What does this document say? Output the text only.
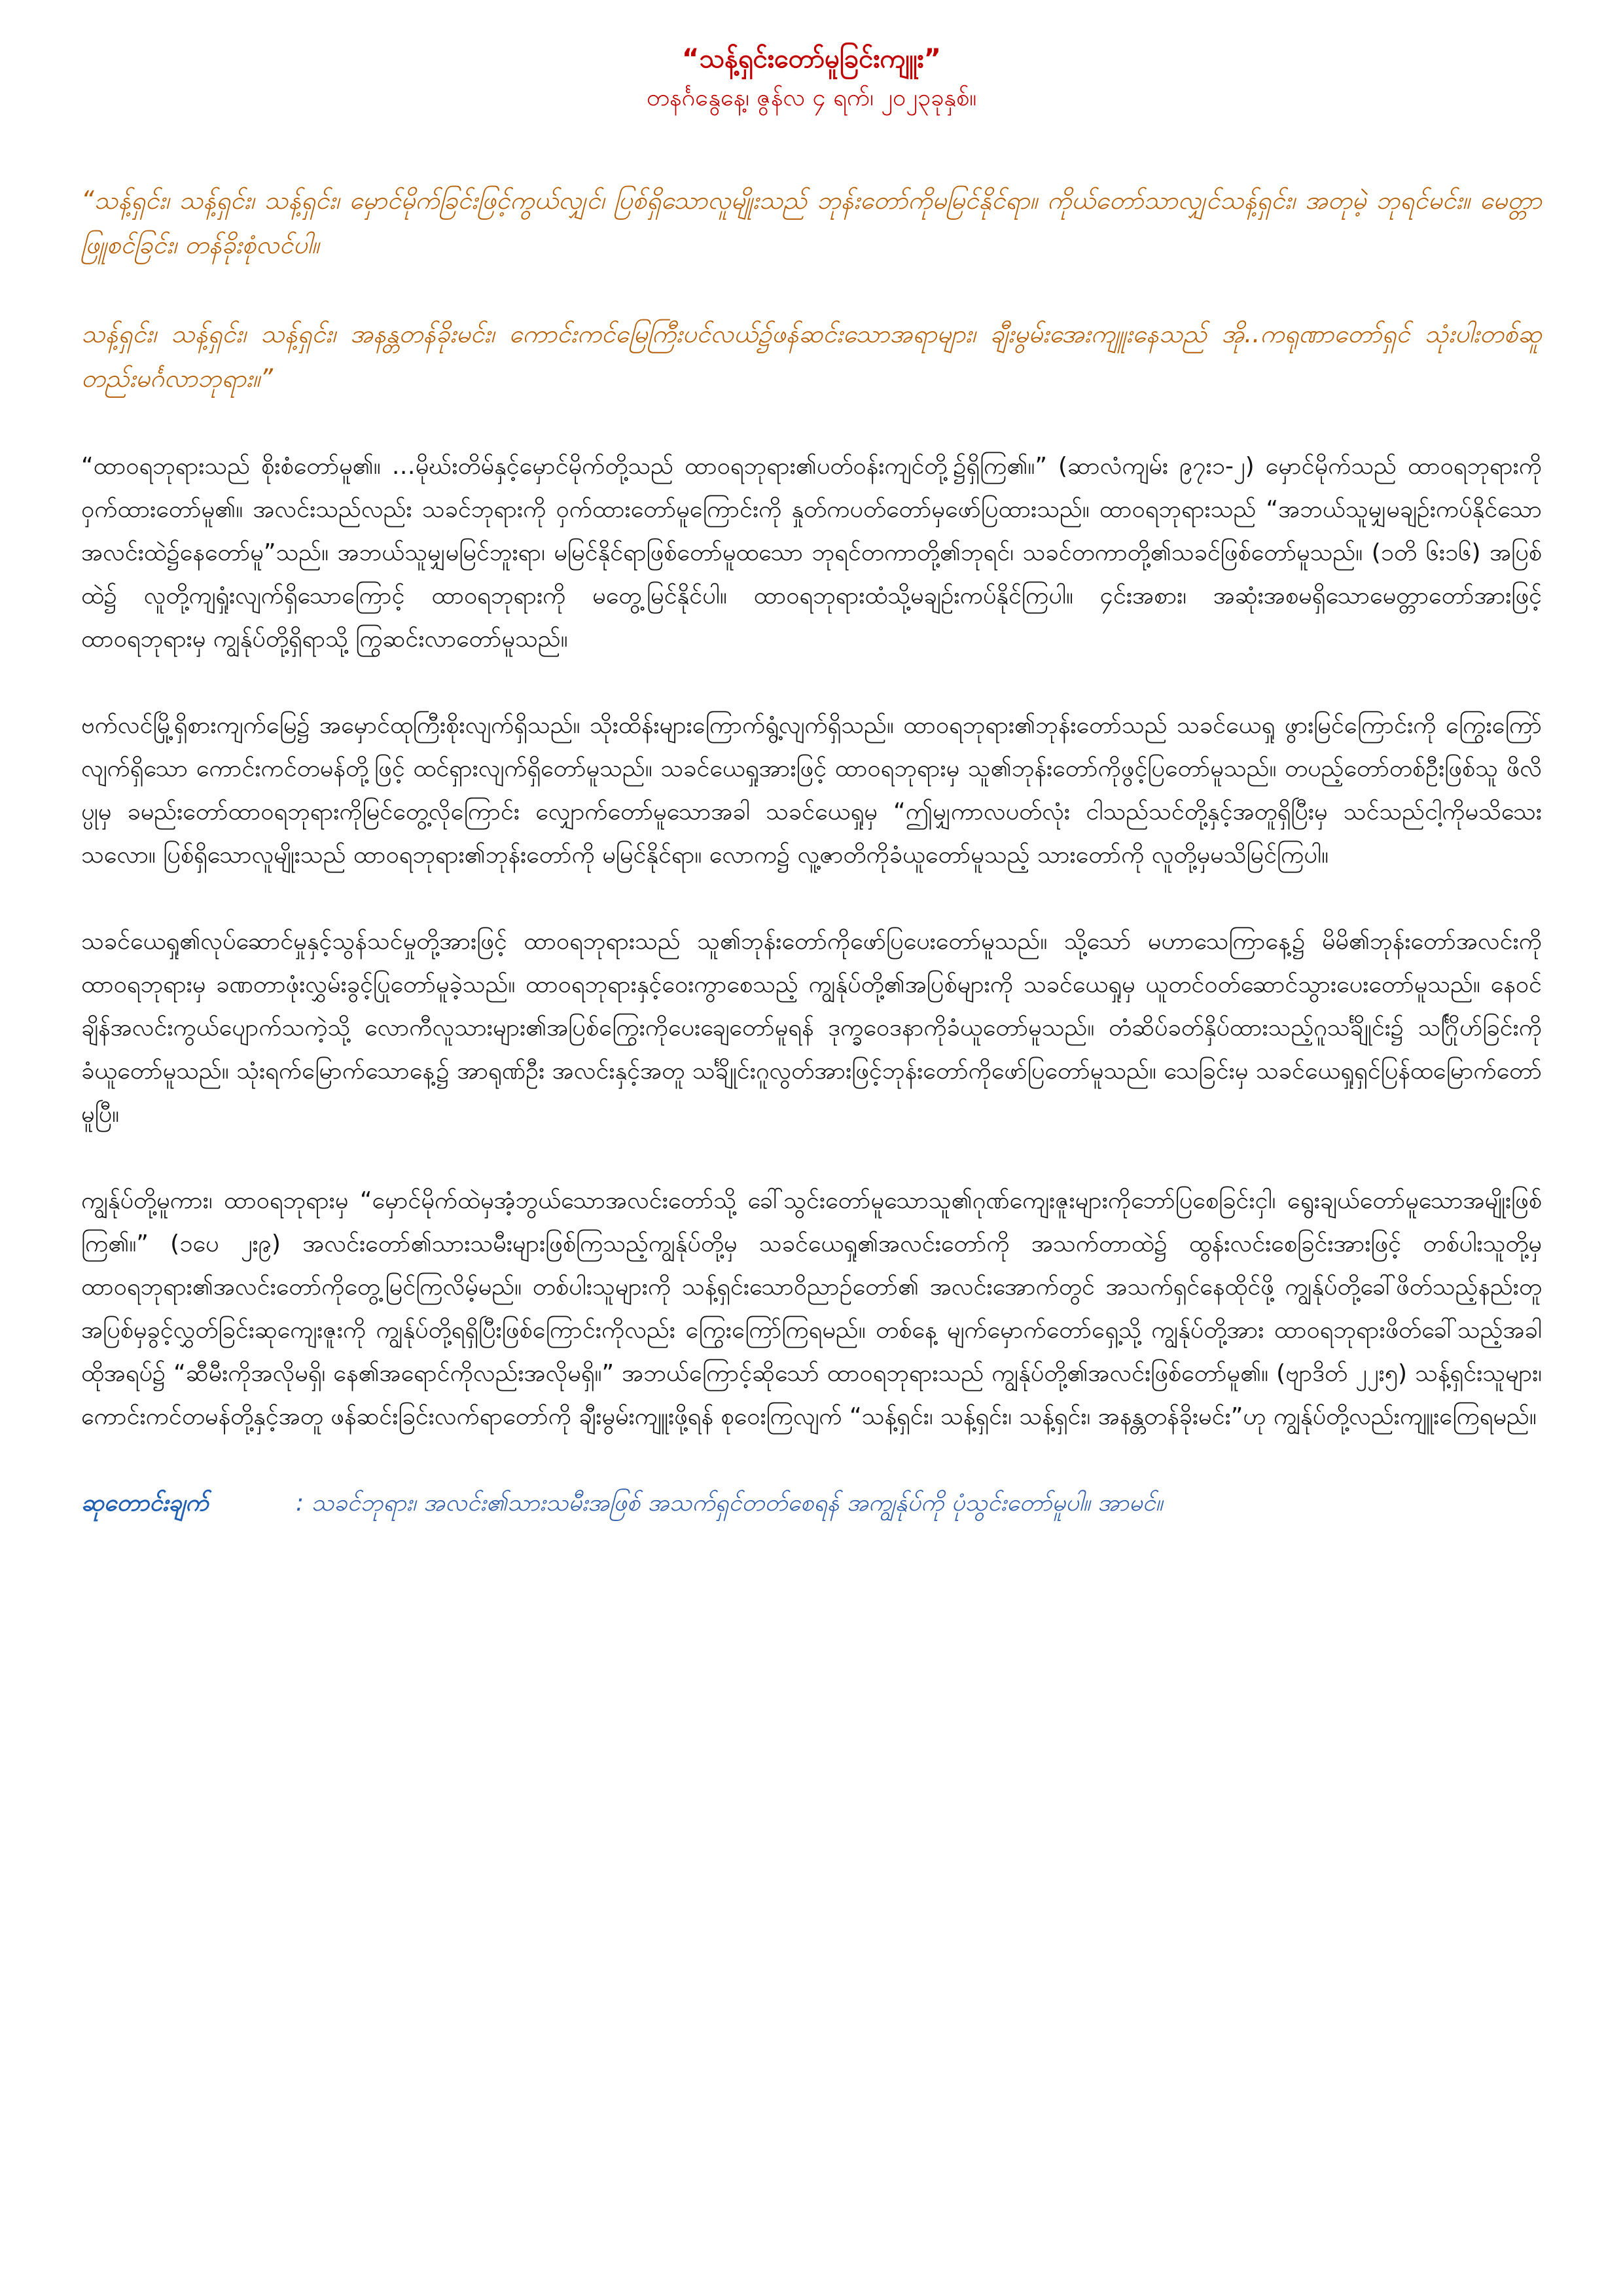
“သန့်ရှင်းတော်မူခြင်းကျူး”
တနင်္ဂနွေနေ့၊ ဇွန်လ ၄ ရက်၊ ၂၀၂၃ခုနှစ်။

“သန့်ရှင်း၊ သန့်ရှင်း၊ သန့်ရှင်း၊ မှောင်မိုက်ခြင်းဖြင့်ကွယ်လျှင်၊ ပြစ်ရှိသောလူမျိုးသည် ဘုန်းတော်ကိုမမြင်နိုင်ရာ။ ကိုယ်တော်သာလျှင်သန့်ရှင်း၊ အတုမဲ့ ဘုရင်မင်း။ မေတ္တာဖြူစင်ခြင်း၊ တန်ခိုးစုံလင်ပါ။

သန့်ရှင်း၊ သန့်ရှင်း၊ သန့်ရှင်း၊ အနန္တတန်ခိုးမင်း၊ ကောင်းကင်မြေကြီးပင်လယ်၌ဖန်ဆင်းသောအရာများ၊ ချီးမွမ်းအေးကျူးနေသည် အို..ကရုဏာတော်ရှင် သုံးပါးတစ်ဆူတည်းမင်္ဂလာဘုရား။”

“ထာဝရဘုရားသည် စိုးစံတော်မူ၏။ …မိုဃ်းတိမ်နှင့်မှောင်မိုက်တို့သည် ထာဝရဘုရား၏ပတ်ဝန်းကျင်တို့၌ရှိကြ၏။” (ဆာလံကျမ်း ၉၇း၁-၂) မှောင်မိုက်သည် ထာဝရဘုရားကိုဝှက်ထားတော်မူ၏။ အလင်းသည်လည်း သခင်ဘုရားကို ဝှက်ထားတော်မူကြောင်းကို နှုတ်ကပတ်တော်မှဖော်ပြထားသည်။ ထာဝရဘုရားသည် “အဘယ်သူမျှမချဉ်းကပ်နိုင်သော အလင်းထဲ၌နေတော်မူ”သည်။ အဘယ်သူမျှမမြင်ဘူးရာ၊ မမြင်နိုင်ရာဖြစ်တော်မူထသော ဘုရင်တကာတို့၏ဘုရင်၊ သခင်တကာတို့၏သခင်ဖြစ်တော်မူသည်။ (၁တိ ၆း၁၆) အပြစ်ထဲ၌ လူတို့ကျရှုံးလျက်ရှိသောကြောင့် ထာဝရဘုရားကို မတွေ့မြင်နိုင်ပါ။ ထာဝရဘုရားထံသို့မချဉ်းကပ်နိုင်ကြပါ။ ၄င်းအစား၊ အဆုံးအစမရှိသောမေတ္တာတော်အားဖြင့် ထာဝရဘုရားမှ ကျွန်ုပ်တို့ရှိရာသို့ ကြွဆင်းလာတော်မူသည်။

ဗက်လင်မြို့ရှိစားကျက်မြေ၌ အမှောင်ထုကြီးစိုးလျက်ရှိသည်။ သိုးထိန်းများကြောက်ရွံ့လျက်ရှိသည်။ ထာဝရဘုရား၏ဘုန်းတော်သည် သခင်ယေရှု ဖွားမြင်ကြောင်းကို ကြွေးကြော်လျက်ရှိသော ကောင်းကင်တမန်တို့ဖြင့် ထင်ရှားလျက်ရှိတော်မူသည်။ သခင်ယေရှုအားဖြင့် ထာဝရဘုရားမှ သူ၏ဘုန်းတော်ကိုဖွင့်ပြတော်မူသည်။ တပည့်တော်တစ်ဦးဖြစ်သူ ဖိလိပ္ပုမှ ခမည်းတော်ထာဝရဘုရားကိုမြင်တွေ့လိုကြောင်း လျှောက်တော်မူသောအခါ သခင်ယေရှုမှ “ဤမျှကာလပတ်လုံး ငါသည်သင်တို့နှင့်အတူရှိပြီးမှ သင်သည်ငါ့ကိုမသိသေးသလော။ ပြစ်ရှိသောလူမျိုးသည် ထာဝရဘုရား၏ဘုန်းတော်ကို မမြင်နိုင်ရာ။ လောက၌ လူ့ဇာတိကိုခံယူတော်မူသည့် သားတော်ကို လူတို့မှမသိမြင်ကြပါ။

သခင်ယေရှု၏လုပ်ဆောင်မှုနှင့်သွန်သင်မှုတို့အားဖြင့် ထာဝရဘုရားသည် သူ၏ဘုန်းတော်ကိုဖော်ပြပေးတော်မူသည်။ သို့သော် မဟာသေကြာနေ့၌ မိမိ၏ဘုန်းတော်အလင်းကို ထာဝရဘုရားမှ ခဏတာဖုံးလွှမ်းခွင့်ပြုတော်မူခဲ့သည်။ ထာဝရဘုရားနှင့်ဝေးကွာစေသည့် ကျွန်ုပ်တို့၏အပြစ်များကို သခင်ယေရှုမှ ယူတင်ဝတ်ဆောင်သွားပေးတော်မူသည်။ နေဝင်ချိန်အလင်းကွယ်ပျောက်သကဲ့သို့ လောကီလူသားများ၏အပြစ်ကြွေးကိုပေးချေတော်မူရန် ဒုက္ခဝေဒနာကိုခံယူတော်မူသည်။ တံဆိပ်ခတ်နှိပ်ထားသည့်ဂူသင်္ချိုင်း၌ သင်္ဂြိုဟ်ခြင်းကိုခံယူတော်မူသည်။ သုံးရက်မြောက်သောနေ့၌ အာရုဏ်ဦး အလင်းနှင့်အတူ သင်္ချိုင်းဂူလွတ်အားဖြင့်ဘုန်းတော်ကိုဖော်ပြတော်မူသည်။ သေခြင်းမှ သခင်ယေရှုရှင်ပြန်ထမြောက်တော်မူပြီ။

ကျွန်ုပ်တို့မူကား၊ ထာဝရဘုရားမှ “မှောင်မိုက်ထဲမှအံ့ဘွယ်သောအလင်းတော်သို့ ခေါ်သွင်းတော်မူသောသူ၏ဂုဏ်ကျေးဇူးများကိုဘော်ပြစေခြင်းငှါ၊ ရွေးချယ်တော်မူသောအမျိုးဖြစ်ကြ၏။” (၁ပေ ၂း၉) အလင်းတော်၏သားသမီးများဖြစ်ကြသည့်ကျွန်ုပ်တို့မှ သခင်ယေရှု၏အလင်းတော်ကို အသက်တာထဲ၌ ထွန်းလင်းစေခြင်းအားဖြင့် တစ်ပါးသူတို့မှ ထာဝရဘုရား၏အလင်းတော်ကိုတွေ့မြင်ကြလိမ့်မည်။ တစ်ပါးသူများကို သန့်ရှင်းသောဝိညာဉ်တော်၏ အလင်းအောက်တွင် အသက်ရှင်နေထိုင်ဖို့ ကျွန်ုပ်တို့ခေါ်ဖိတ်သည့်နည်းတူ အပြစ်မှခွင့်လွှတ်ခြင်းဆုကျေးဇူးကို ကျွန်ုပ်တို့ရရှိပြီးဖြစ်ကြောင်းကိုလည်း ကြွေးကြော်ကြရမည်။ တစ်နေ့ မျက်မှောက်တော်ရှေ့သို့ ကျွန်ုပ်တို့အား ထာဝရဘုရားဖိတ်ခေါ်သည့်အခါ ထိုအရပ်၌ “ဆီမီးကိုအလိုမရှိ၊ နေ၏အရောင်ကိုလည်းအလိုမရှိ။” အဘယ်ကြောင့်ဆိုသော် ထာဝရဘုရားသည် ကျွန်ုပ်တို့၏အလင်းဖြစ်တော်မူ၏။ (ဗျာဒိတ် ၂၂း၅) သန့်ရှင်းသူများ၊ ကောင်းကင်တမန်တို့နှင့်အတူ ဖန်ဆင်းခြင်းလက်ရာတော်ကို ချီးမွမ်းကျူးဖို့ရန် စုဝေးကြလျက် “သန့်ရှင်း၊ သန့်ရှင်း၊ သန့်ရှင်း၊ အနန္တတန်ခိုးမင်း”ဟု ကျွန်ုပ်တို့လည်းကျူးကြေရမည်။

ဆုတောင်းချက်	: သခင်ဘုရား၊ အလင်း၏သားသမီးအဖြစ် အသက်ရှင်တတ်စေရန် အကျွန်ုပ်ကို ပုံသွင်းတော်မူပါ။ အာမင်။
